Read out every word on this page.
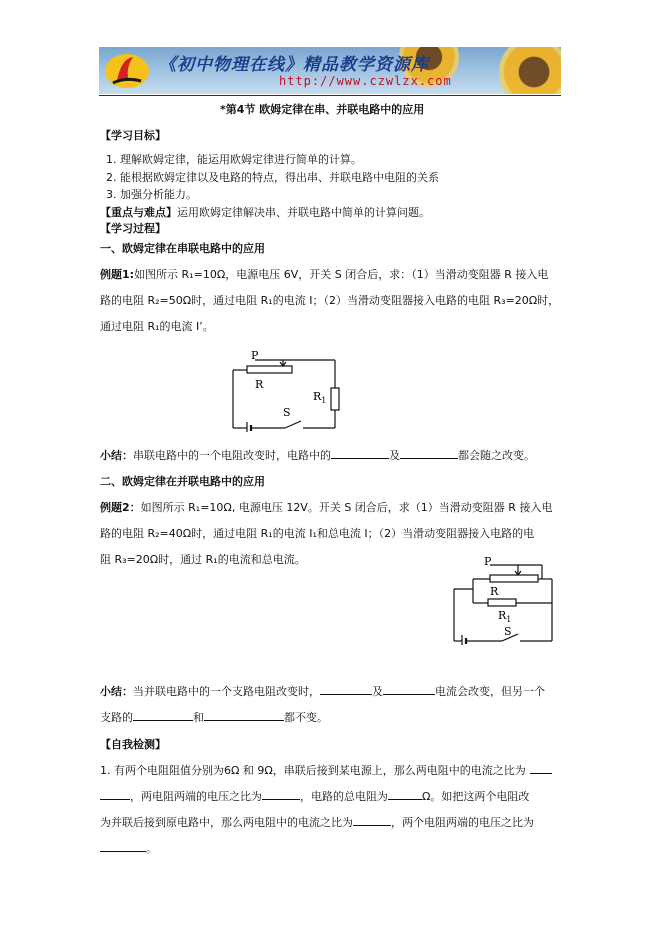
《初中物理在线》精品教学资源库
http://www.czwlzx.com
*第4节 欧姆定律在串、并联电路中的应用
【学习目标】
1. 理解欧姆定律，能运用欧姆定律进行简单的计算。
2. 能根据欧姆定律以及电路的特点，得出串、并联电路中电阻的关系
3. 加强分析能力。
【重点与难点】运用欧姆定律解决串、并联电路中简单的计算问题。
【学习过程】
一、欧姆定律在串联电路中的应用
例题1:如图所示 R₁=10Ω，电源电压 6V，开关 S 闭合后，求：（1）当滑动变阻器 R 接入电
路的电阻 R₂=50Ω时，通过电阻 R₁的电流 I；（2）当滑动变阻器接入电路的电阻 R₃=20Ω时，
通过电阻 R₁的电流 I’。
P
R
$R_1$
S
小结：串联电路中的一个电阻改变时，电路中的	及	都会随之改变。
二、欧姆定律在并联电路中的应用
例题2：如图所示 R₁=10Ω, 电源电压 12V。开关 S 闭合后，求（1）当滑动变阻器 R 接入电
路的电阻 R₂=40Ω时，通过电阻 R₁的电流 I₁和总电流 I；（2）当滑动变阻器接入电路的电
阻 R₃=20Ω时，通过 R₁的电流和总电流。	P
R
$R_1$
S
小结：当并联电路中的一个支路电阻改变时，	及	电流会改变，但另一个
支路的	和	都不变。
【自我检测】
1. 有两个电阻阻值分别为6Ω 和 9Ω，串联后接到某电源上，那么两电阻中的电流之比为
，两电阻两端的电压之比为	，电路的总电阻为	Ω。如把这两个电阻改
为并联后接到原电路中，那么两电阻中的电流之比为	，两个电阻两端的电压之比为
。
